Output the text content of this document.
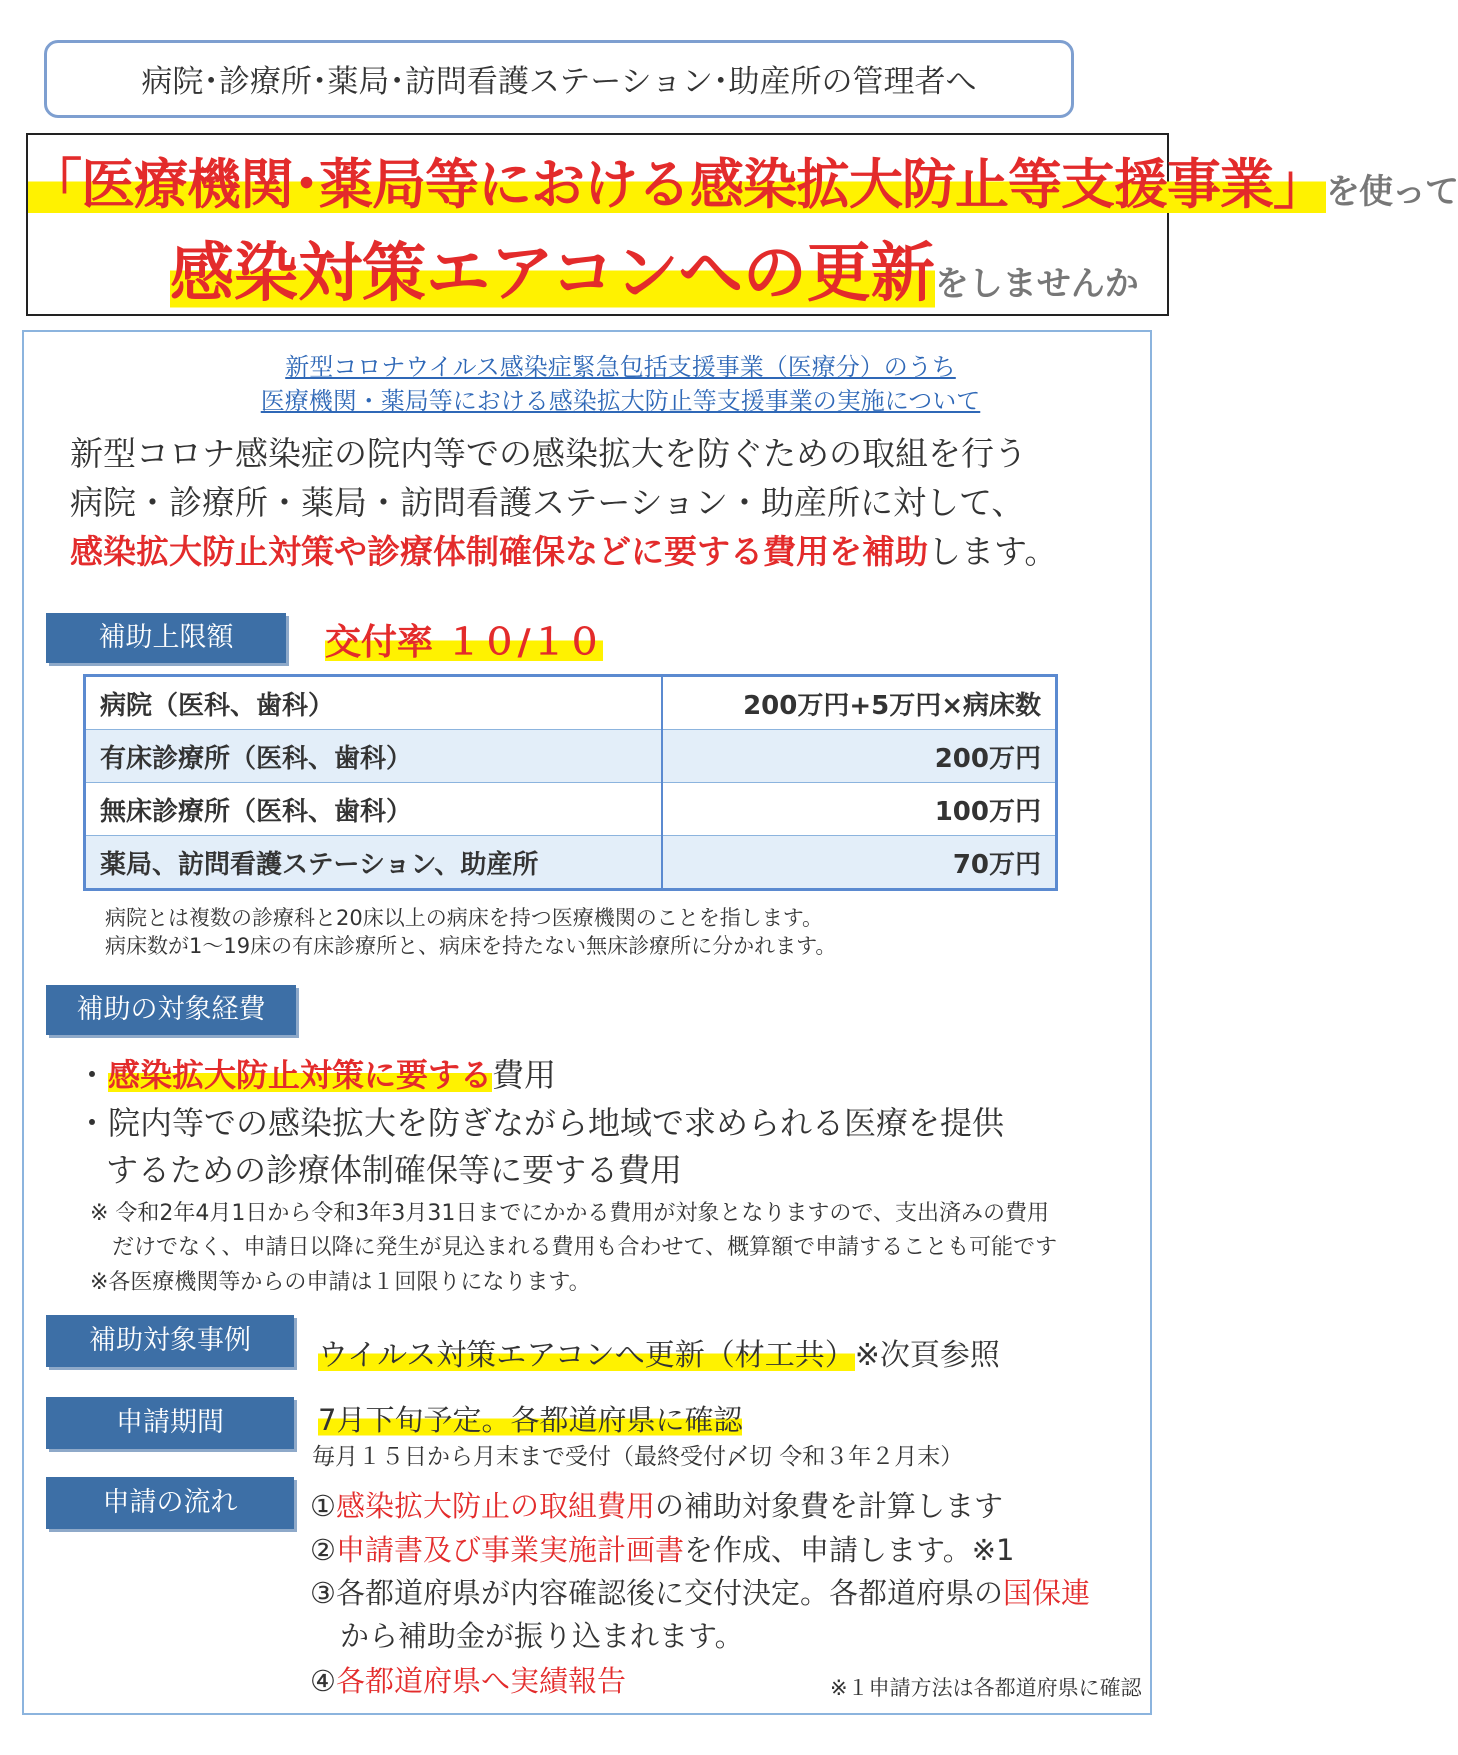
病院･診療所･薬局･訪問看護ステーション･助産所の管理者へ
「医療機関･薬局等における感染拡大防止等支援事業」を使って
感染対策エアコンへの更新をしませんか
新型コロナウイルス感染症緊急包括支援事業（医療分）のうち
医療機関・薬局等における感染拡大防止等支援事業の実施について
新型コロナ感染症の院内等での感染拡大を防ぐための取組を行う
病院・診療所・薬局・訪問看護ステーション・助産所に対して、
感染拡大防止対策や診療体制確保などに要する費用を補助します。
補助上限額	交付率 １０/１０
病院（医科、歯科）	200万円+5万円×病床数
有床診療所（医科、歯科）	200万円
無床診療所（医科、歯科）	100万円
薬局、訪問看護ステーション、助産所	70万円
病院とは複数の診療科と20床以上の病床を持つ医療機関のことを指します。
病床数が1～19床の有床診療所と、病床を持たない無床診療所に分かれます。
補助の対象経費
・感染拡大防止対策に要する費用
・院内等での感染拡大を防ぎながら地域で求められる医療を提供
するための診療体制確保等に要する費用
※ 令和2年4月1日から令和3年3月31日までにかかる費用が対象となりますので、支出済みの費用
だけでなく、申請日以降に発生が見込まれる費用も合わせて、概算額で申請することも可能です
※各医療機関等からの申請は１回限りになります。
補助対象事例	ウイルス対策エアコンへ更新（材工共）※次頁参照
申請期間	7月下旬予定。各都道府県に確認
毎月１５日から月末まで受付（最終受付〆切 令和３年２月末）
申請の流れ	①感染拡大防止の取組費用の補助対象費を計算します
②申請書及び事業実施計画書を作成、申請します。※1
③各都道府県が内容確認後に交付決定。各都道府県の国保連
から補助金が振り込まれます。
④各都道府県へ実績報告	※１申請方法は各都道府県に確認
